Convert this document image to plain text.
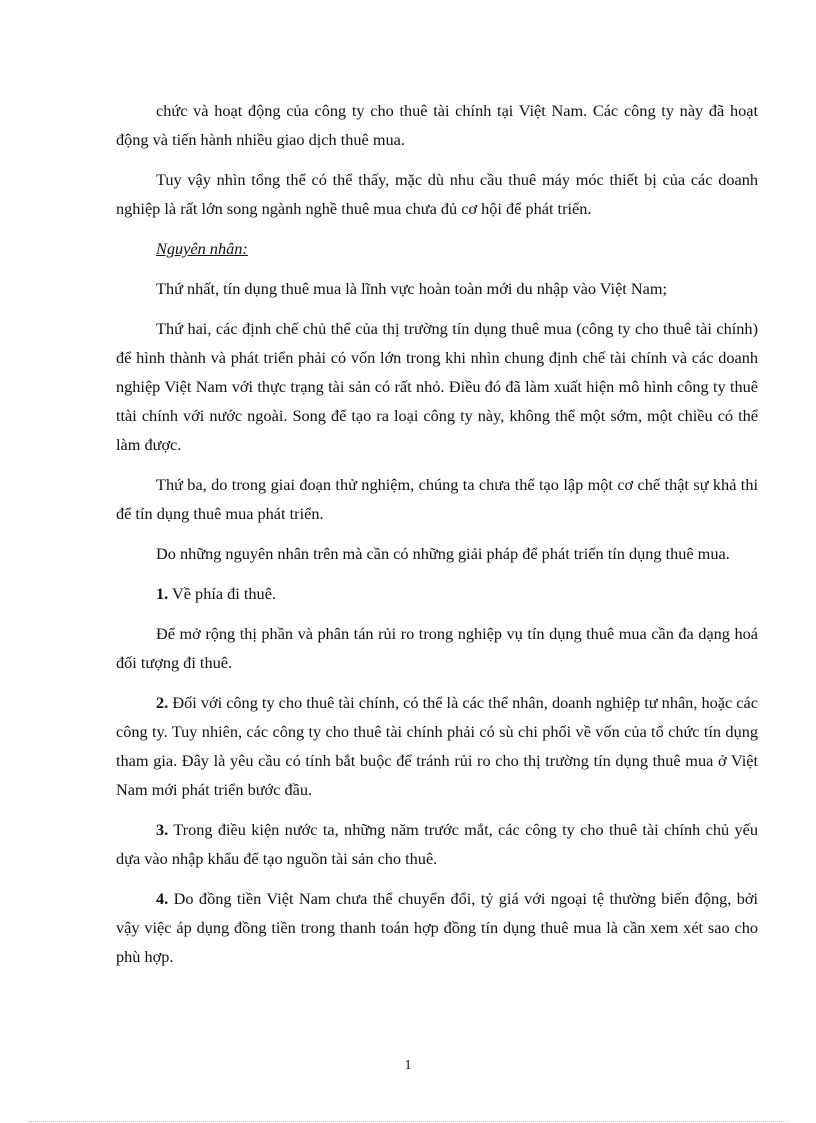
chức và hoạt động của công ty cho thuê tài chính tại Việt Nam. Các công ty này đã hoạt động và tiến hành nhiều giao dịch thuê mua.

Tuy vậy nhìn tổng thể có thể thấy, mặc dù nhu cầu thuê máy móc thiết bị của các doanh nghiệp là rất lớn song ngành nghề thuê mua chưa đủ cơ hội để phát triển.

Nguyên nhân:

Thứ nhất, tín dụng thuê mua là lĩnh vực hoàn toàn mới du nhập vào Việt Nam;

Thứ hai, các định chế chủ thể của thị trường tín dụng thuê mua (công ty cho thuê tài chính) để hình thành và phát triển phải có vốn lớn trong khi nhìn chung định chế tài chính và các doanh nghiệp Việt Nam với thực trạng tài sản có rất nhỏ. Điều đó đã làm xuất hiện mô hình công ty thuê ttài chính với nước ngoài. Song để tạo ra loại công ty này, không thể một sớm, một chiều có thể làm được.

Thứ ba, do trong giai đoạn thử nghiệm, chúng ta chưa thể tạo lập một cơ chế thật sự khả thi để tín dụng thuê mua phát triển.

Do những nguyên nhân trên mà cần có những giải pháp để phát triển tín dụng thuê mua.

1. Về phía đi thuê.

Để mở rộng thị phần và phân tán rủi ro trong nghiệp vụ tín dụng thuê mua cần đa dạng hoá đối tượng đi thuê.

2. Đối với công ty cho thuê tài chính, có thể là các thể nhân, doanh nghiệp tư nhân, hoặc các công ty. Tuy nhiên, các công ty cho thuê tài chính phải có sù chi phối về vốn của tổ chức tín dụng tham gia. Đây là yêu cầu có tính bắt buộc để tránh rủi ro cho thị trường tín dụng thuê mua ở Việt Nam mới phát triển bước đầu.

3. Trong điều kiện nước ta, những năm trước mắt, các công ty cho thuê tài chính chủ yếu dựa vào nhập khẩu để tạo nguồn tài sản cho thuê.

4. Do đồng tiền Việt Nam chưa thể chuyển đổi, tỷ giá với ngoại tệ thường biến động, bởi vậy việc áp dụng đồng tiền trong thanh toán hợp đồng tín dụng thuê mua là cần xem xét sao cho phù hợp.

1
